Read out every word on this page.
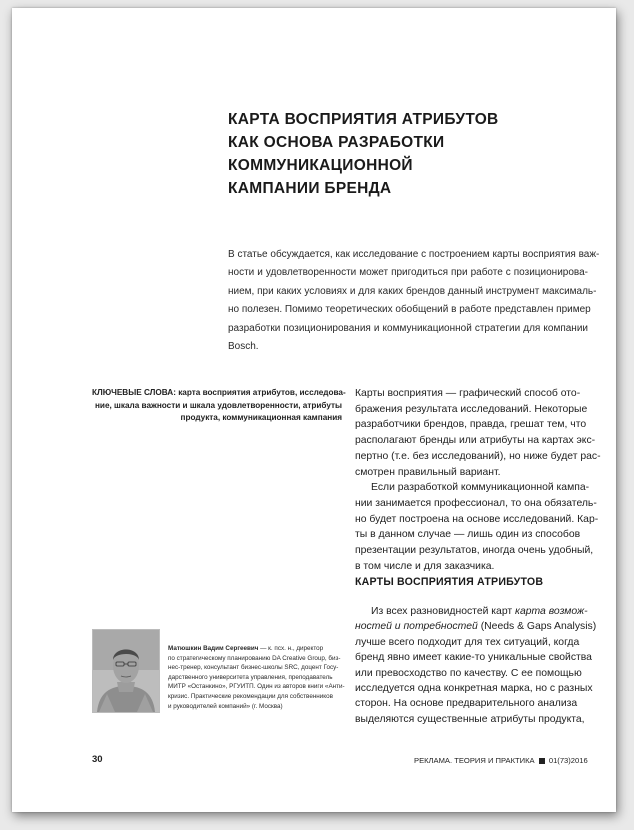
КАРТА ВОСПРИЯТИЯ АТРИБУТОВ
КАК ОСНОВА РАЗРАБОТКИ
КОММУНИКАЦИОННОЙ
КАМПАНИИ БРЕНДА
В статье обсуждается, как исследование с построением карты восприятия важ-
ности и удовлетворенности может пригодиться при работе с позиционирова-
нием, при каких условиях и для каких брендов данный инструмент максималь-
но полезен. Помимо теоретических обобщений в работе представлен пример
разработки позиционирования и коммуникационной стратегии для компании
Bosch.
КЛЮЧЕВЫЕ СЛОВА: карта восприятия атрибутов, исследова-
ние, шкала важности и шкала удовлетворенности, атрибуты
продукта, коммуникационная кампания
Карты восприятия — графический способ ото-
бражения результата исследований. Некоторые
разработчики брендов, правда, грешат тем, что
располагают бренды или атрибуты на картах экс-
пертно (т.е. без исследований), но ниже будет рас-
смотрен правильный вариант.
Если разработкой коммуникационной кампа-
нии занимается профессионал, то она обязатель-
но будет построена на основе исследований. Кар-
ты в данном случае — лишь один из способов
презентации результатов, иногда очень удобный,
в том числе и для заказчика.
КАРТЫ ВОСПРИЯТИЯ АТРИБУТОВ
Из всех разновидностей карт карта возмож-
ностей и потребностей (Needs & Gaps Analysis)
лучше всего подходит для тех ситуаций, когда
бренд явно имеет какие-то уникальные свойства
или превосходство по качеству. С ее помощью
исследуется одна конкретная марка, но с разных
сторон. На основе предварительного анализа
выделяются существенные атрибуты продукта,
Матюшкин Вадим Сергеевич — к. псх. н., директор
по стратегическому планированию DA Creative Group, биз-
нес-тренер, консультант бизнес-школы SRC, доцент Госу-
дарственного университета управления, преподаватель
МИТР «Останкино», РГУИТП. Один из авторов книги «Анти-
кризис. Практические рекомендации для собственников
и руководителей компаний» (г. Москва)
30	РЕКЛАМА. ТЕОРИЯ И ПРАКТИКА 01(73)2016
